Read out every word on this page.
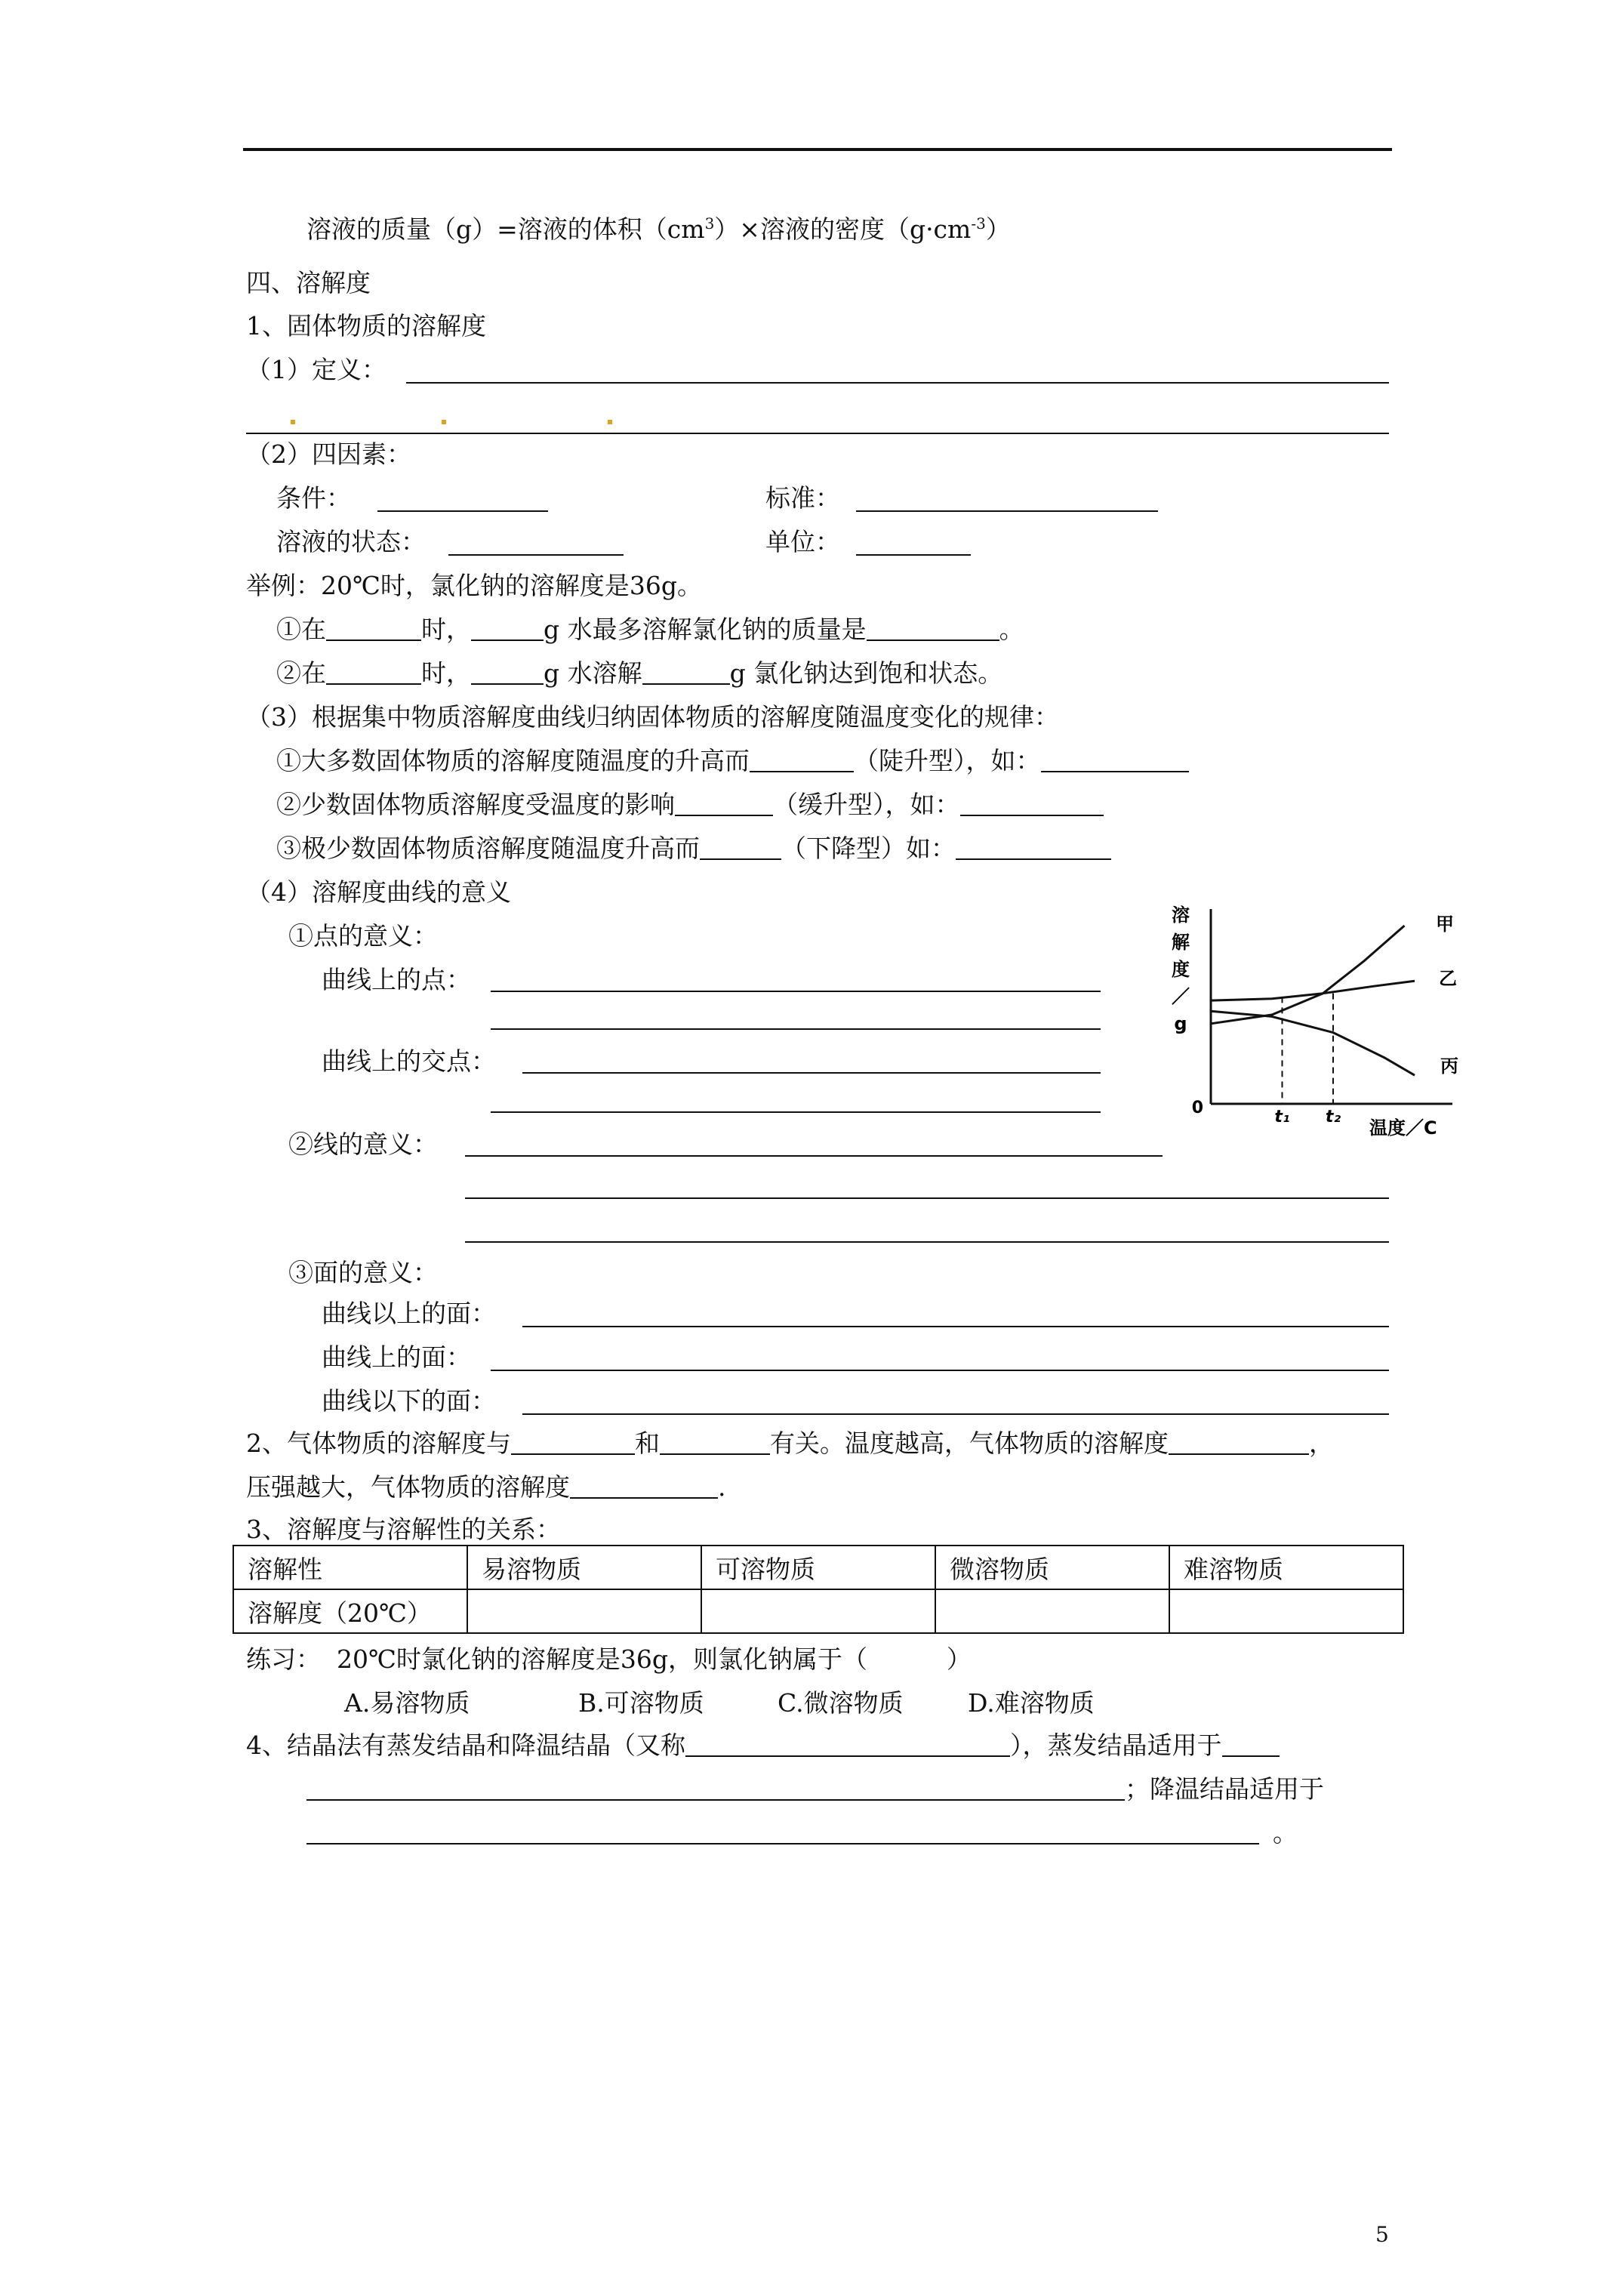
溶液的质量（g）=溶液的体积$(cm^3)\times$溶液的密度$(g\cdot cm^{-3})$
四、溶解度
1、固体物质的溶解度
（1）定义：
（2）四因素：
条件：	标准：
溶液的状态：	单位：
举例：20℃时，氯化钠的溶解度是36g。
①在	时，	g 水最多溶解氯化钠的质量是	。
②在	时，	g 水溶解	g 氯化钠达到饱和状态。
（3）根据集中物质溶解度曲线归纳固体物质的溶解度随温度变化的规律：
①大多数固体物质的溶解度随温度的升高而	（陡升型），如：
②少数固体物质溶解度受温度的影响	（缓升型），如：
③极少数固体物质溶解度随温度升高而	（下降型）如：
（4）溶解度曲线的意义
①点的意义：
曲线上的点：
曲线上的交点：
②线的意义：
③面的意义：
曲线以上的面：
曲线上的面：
曲线以下的面：
2、气体物质的溶解度与	和	有关。温度越高，气体物质的溶解度	，
压强越大，气体物质的溶解度	.
3、溶解度与溶解性的关系：
溶解性	易溶物质	可溶物质	微溶物质	难溶物质
溶解度（20℃）				
练习：  20℃时氯化钠的溶解度是36g，则氯化钠属于（          ）
A.易溶物质	B.可溶物质	C.微溶物质	D.难溶物质
4、结晶法有蒸发结晶和降温结晶（又称	），蒸发结晶适用于
；降温结晶适用于
。
5
溶
解
度
／
g
甲
乙
丙
t₁ t₂
0
温度／C
